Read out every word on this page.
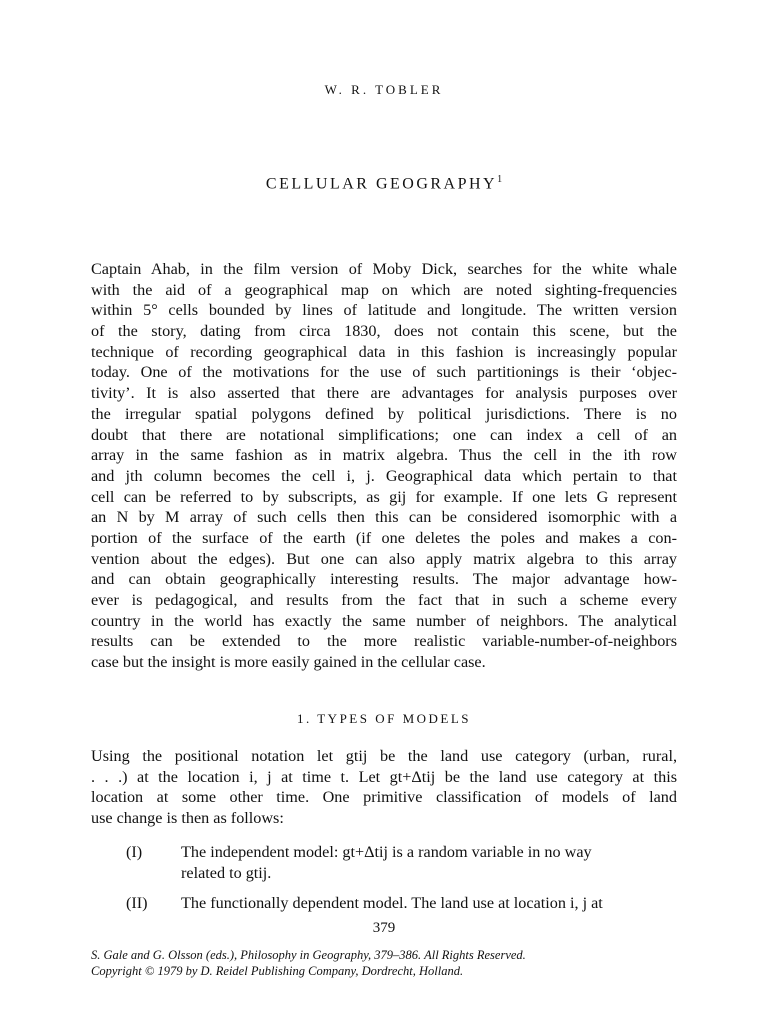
W. R. TOBLER
CELLULAR GEOGRAPHY$^1$
Captain Ahab, in the film version of Moby Dick, searches for the white whale
with the aid of a geographical map on which are noted sighting-frequencies
within 5° cells bounded by lines of latitude and longitude. The written version
of the story, dating from circa 1830, does not contain this scene, but the
technique of recording geographical data in this fashion is increasingly popular
today. One of the motivations for the use of such partitionings is their ‘objec-
tivity’. It is also asserted that there are advantages for analysis purposes over
the irregular spatial polygons defined by political jurisdictions. There is no
doubt that there are notational simplifications; one can index a cell of an
array in the same fashion as in matrix algebra. Thus the cell in the ith row
and jth column becomes the cell i, j. Geographical data which pertain to that
cell can be referred to by subscripts, as gij for example. If one lets G represent
an N by M array of such cells then this can be considered isomorphic with a
portion of the surface of the earth (if one deletes the poles and makes a con-
vention about the edges). But one can also apply matrix algebra to this array
and can obtain geographically interesting results. The major advantage how-
ever is pedagogical, and results from the fact that in such a scheme every
country in the world has exactly the same number of neighbors. The analytical
results can be extended to the more realistic variable-number-of-neighbors
case but the insight is more easily gained in the cellular case.
1. TYPES OF MODELS
Using the positional notation let gtij be the land use category (urban, rural,
. . .) at the location i, j at time t. Let gt+Δtij be the land use category at this
location at some other time. One primitive classification of models of land
use change is then as follows:
(I) The independent model: gt+Δtij is a random variable in no way
related to gtij.
(II) The functionally dependent model. The land use at location i, j at
379
S. Gale and G. Olsson (eds.), Philosophy in Geography, 379–386. All Rights Reserved.
Copyright © 1979 by D. Reidel Publishing Company, Dordrecht, Holland.
